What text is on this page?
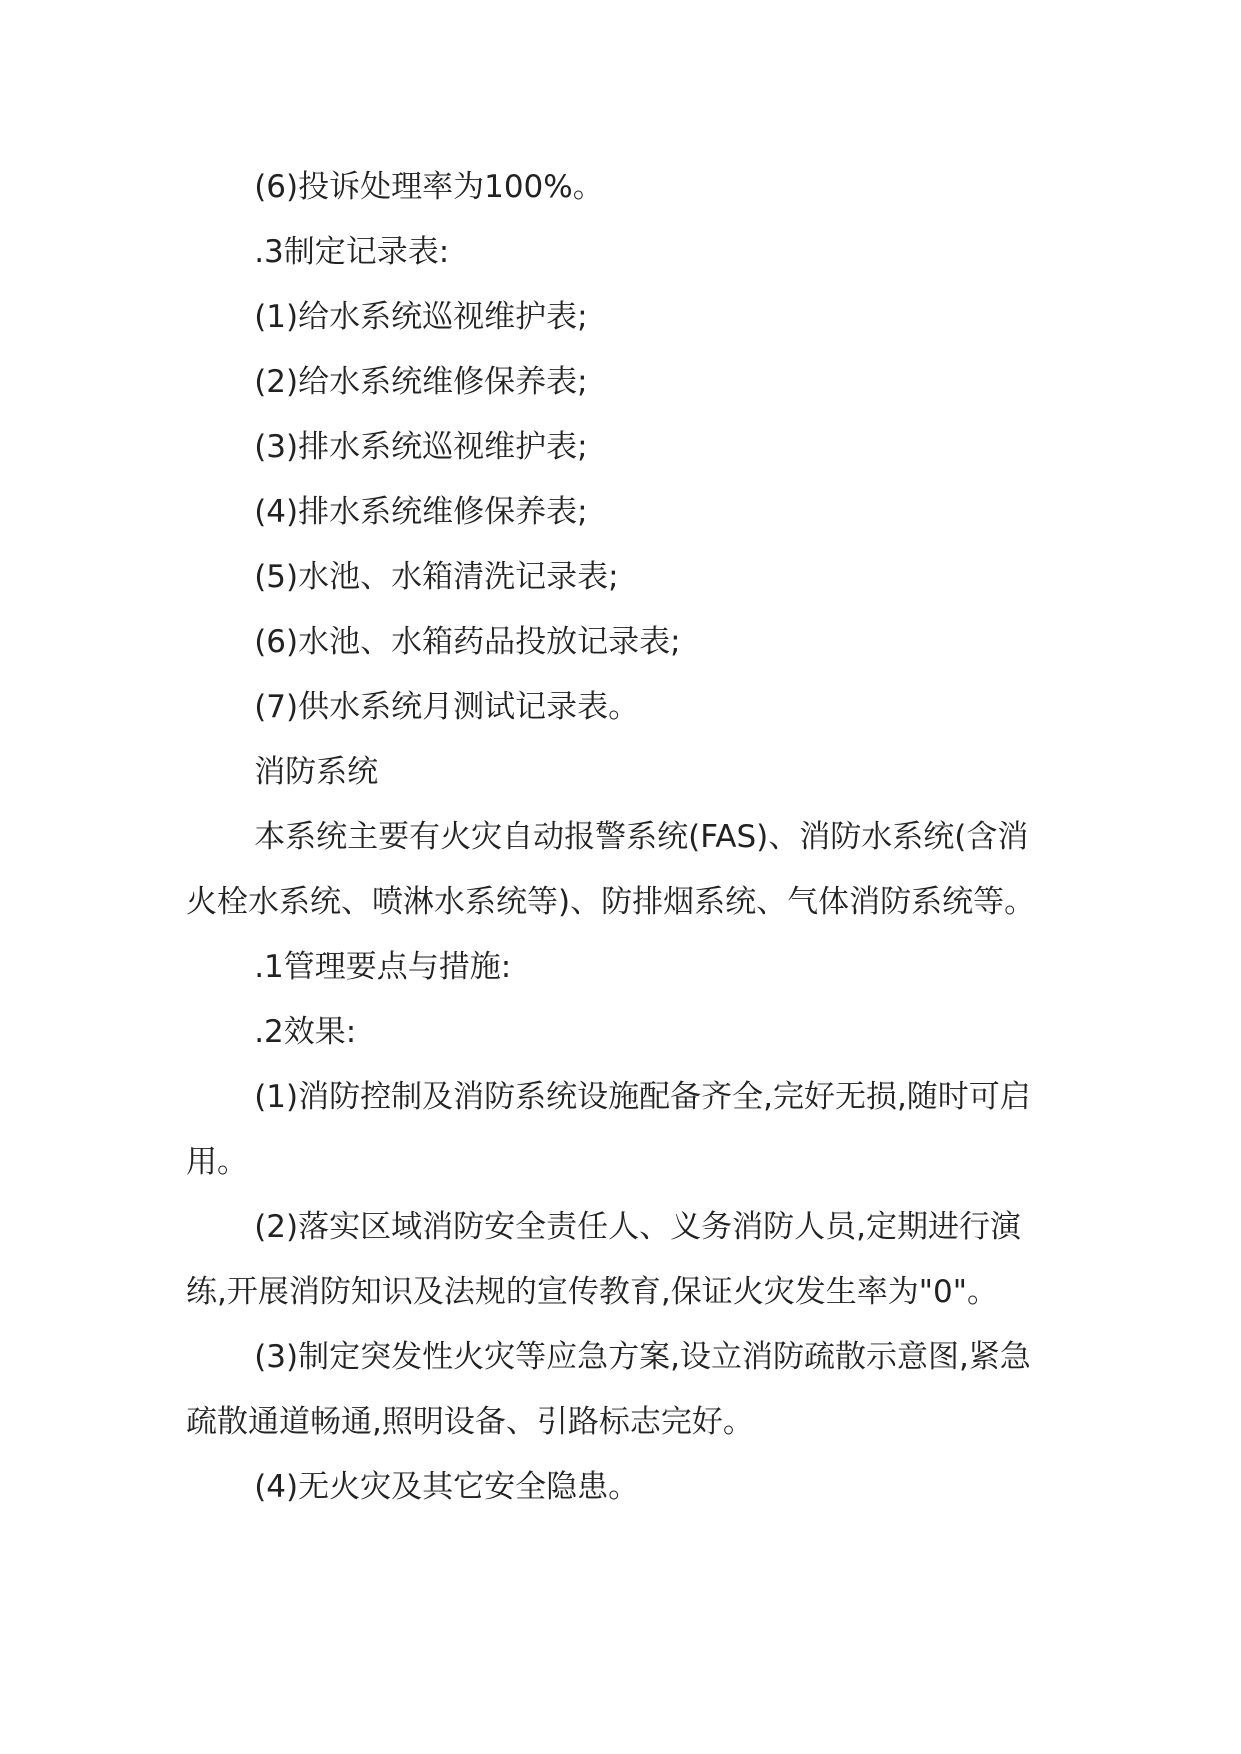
(6)投诉处理率为100%。

.3制定记录表:

(1)给水系统巡视维护表;

(2)给水系统维修保养表;

(3)排水系统巡视维护表;

(4)排水系统维修保养表;

(5)水池、水箱清洗记录表;

(6)水池、水箱药品投放记录表;

(7)供水系统月测试记录表。

消防系统

本系统主要有火灾自动报警系统(FAS)、消防水系统(含消火栓水系统、喷淋水系统等)、防排烟系统、气体消防系统等。

.1管理要点与措施:

.2效果:

(1)消防控制及消防系统设施配备齐全,完好无损,随时可启用。

(2)落实区域消防安全责任人、义务消防人员,定期进行演练,开展消防知识及法规的宣传教育,保证火灾发生率为"0"。

(3)制定突发性火灾等应急方案,设立消防疏散示意图,紧急疏散通道畅通,照明设备、引路标志完好。

(4)无火灾及其它安全隐患。
